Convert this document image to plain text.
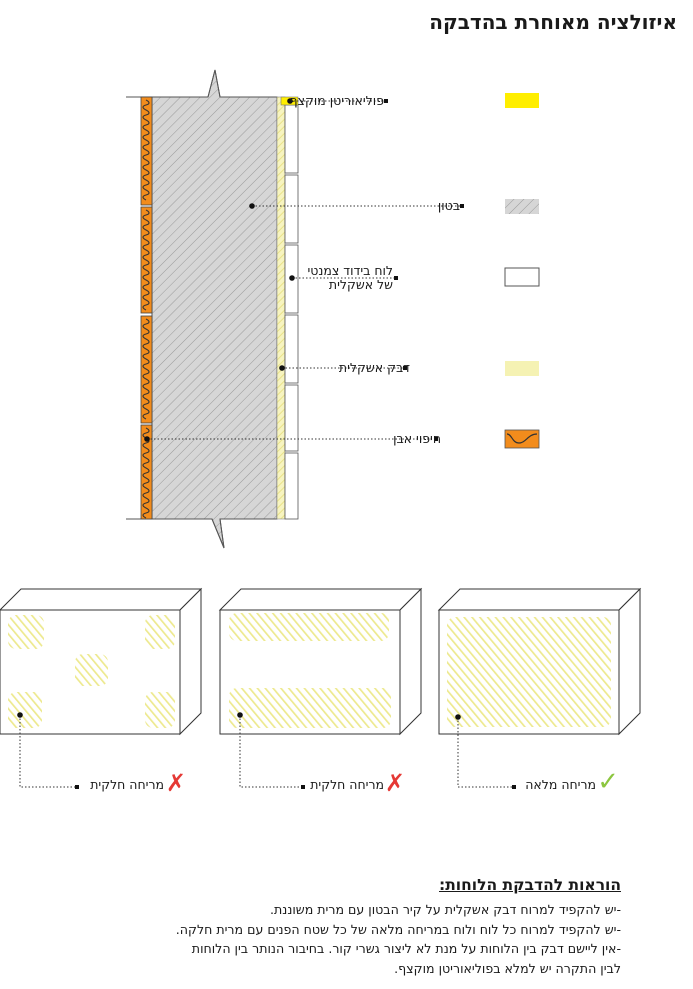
איזולציה מאוחרת בהדבקה
פוליאוריטן מוקצף
בטון
לוח בידוד צמנטי
של אשקלית
דבק אשקלית
חיפוי אבן
מריחה מלאה ✓
מריחה חלקית ✗
מריחה חלקית ✗
הוראות להדבקת הלוחות:
-יש להקפיד למרוח דבק אשקלית על קיר הבטון עם מרית משוננת.
-יש להקפיד למרוח כל לוח ולוח במריחה מלאה של כל שטח הפנים עם מרית חלקה.
-אין ליישם דבק בין הלוחות על מנת לא ליצור גשרי קור. בחיבור הנותר בין הלוחות
לבין התקרה יש למלא בפוליאוריטן מוקצף.
